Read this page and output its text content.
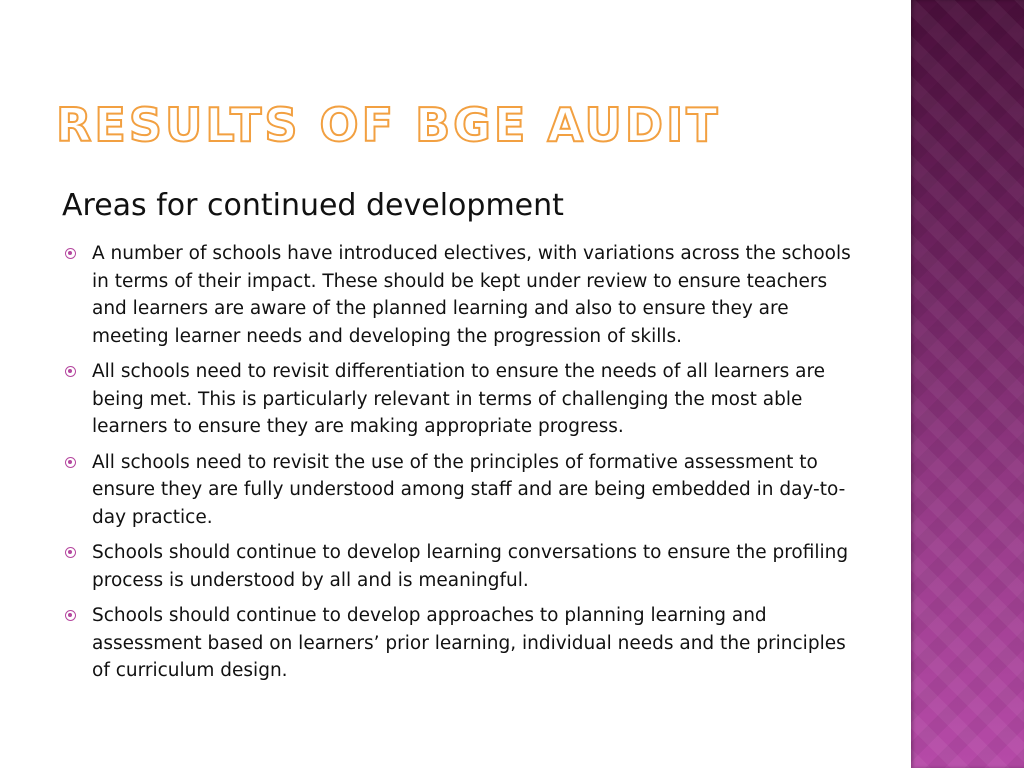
RESULTS OF BGE AUDIT
Areas for continued development
A number of schools have introduced electives, with variations across the schools in terms of their impact. These should be kept under review to ensure teachers and learners are aware of the planned learning and also to ensure they are meeting learner needs and developing the progression of skills.
All schools need to revisit differentiation to ensure the needs of all learners are being met. This is particularly relevant in terms of challenging the most able learners to ensure they are making appropriate progress.
All schools need to revisit the use of the principles of formative assessment to ensure they are fully understood among staff and are being embedded in day-to-day practice.
Schools should continue to develop learning conversations to ensure the profiling process is understood by all and is meaningful.
Schools should continue to develop approaches to planning learning and assessment based on learners’ prior learning, individual needs and the principles of curriculum design.
